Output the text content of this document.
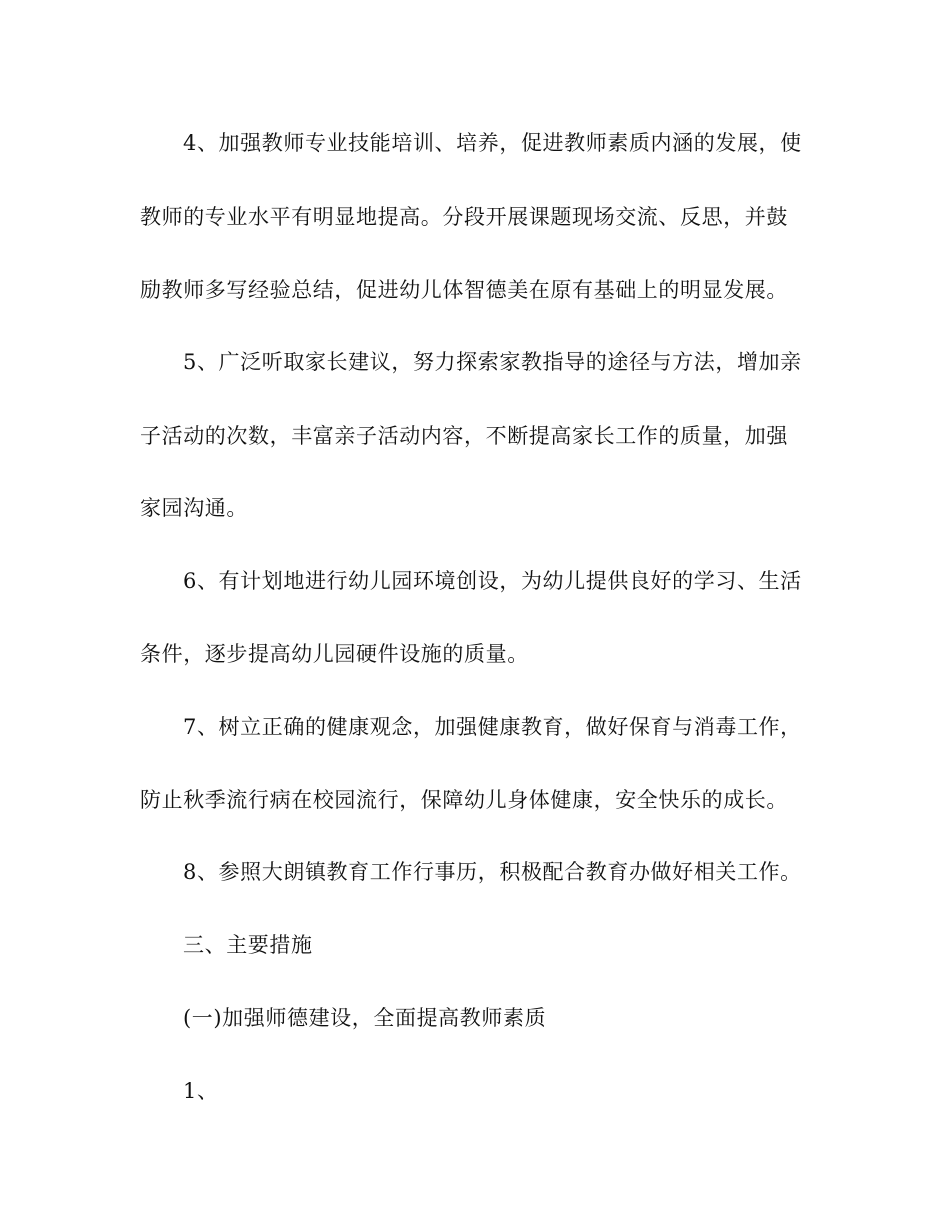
4、加强教师专业技能培训、培养，促进教师素质内涵的发展，使

教师的专业水平有明显地提高。分段开展课题现场交流、反思，并鼓

励教师多写经验总结，促进幼儿体智德美在原有基础上的明显发展。

5、广泛听取家长建议，努力探索家教指导的途径与方法，增加亲

子活动的次数，丰富亲子活动内容，不断提高家长工作的质量，加强

家园沟通。

6、有计划地进行幼儿园环境创设，为幼儿提供良好的学习、生活

条件，逐步提高幼儿园硬件设施的质量。

7、树立正确的健康观念，加强健康教育，做好保育与消毒工作，

防止秋季流行病在校园流行，保障幼儿身体健康，安全快乐的成长。

8、参照大朗镇教育工作行事历，积极配合教育办做好相关工作。

三、主要措施

(一)加强师德建设，全面提高教师素质

1、
